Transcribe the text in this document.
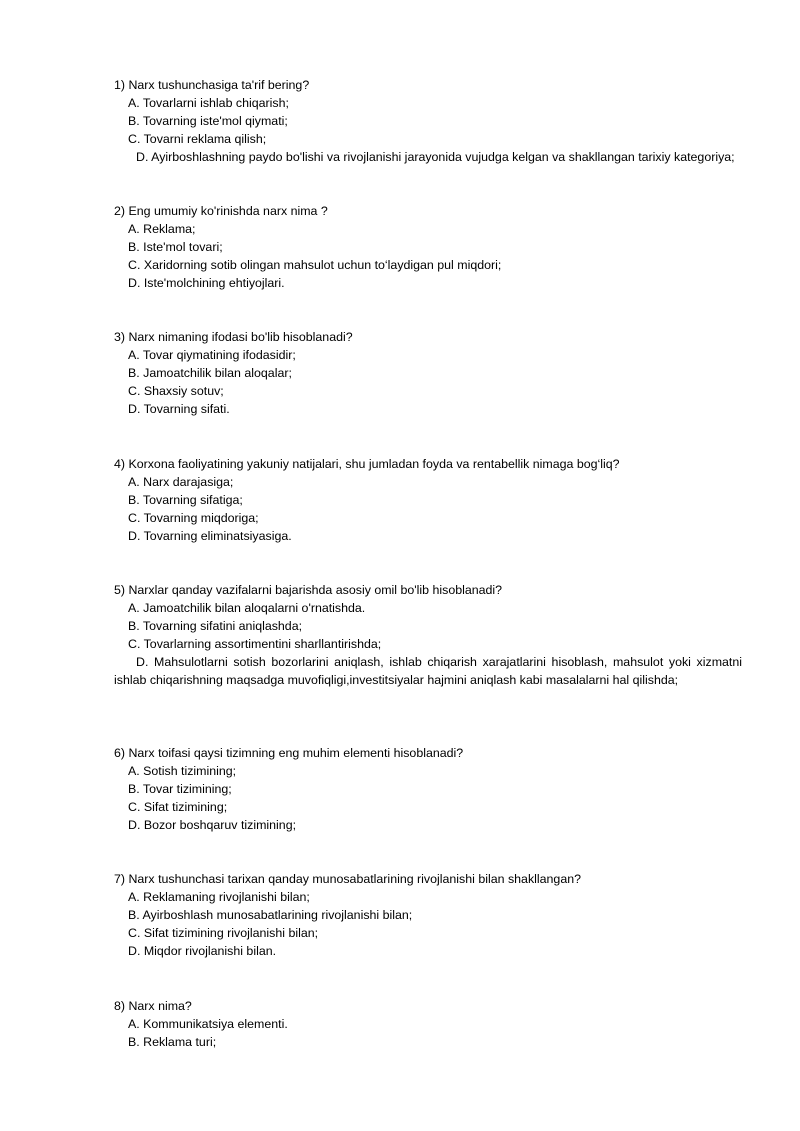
1) Narx tushunchasiga ta'rif bering?
A. Tovarlarni ishlab chiqarish;
B. Tovarning iste'mol qiymati;
C. Tovarni reklama qilish;
D. Ayirboshlashning paydo bo'lishi va rivojlanishi jarayonida vujudga kelgan va shakllangan tarixiy kategoriya;
2) Eng umumiy ko'rinishda narx nima ?
A. Reklama;
B. Iste'mol tovari;
C. Xaridorning sotib olingan mahsulot uchun to‘laydigan pul miqdori;
D. Iste'molchining ehtiyojlari.
3) Narx nimaning ifodasi bo'lib hisoblanadi?
A. Tovar qiymatining ifodasidir;
B. Jamoatchilik bilan aloqalar;
C. Shaxsiy sotuv;
D. Tovarning sifati.
4) Korxona faoliyatining yakuniy natijalari, shu jumladan foyda va rentabellik nimaga bog‘liq?
A. Narx darajasiga;
B. Tovarning sifatiga;
C. Tovarning miqdoriga;
D. Tovarning eliminatsiyasiga.
5) Narxlar qanday vazifalarni bajarishda asosiy omil bo'lib hisoblanadi?
A. Jamoatchilik bilan aloqalarni o'rnatishda.
B. Tovarning sifatini aniqlashda;
C. Tovarlarning assortimentini sharllantirishda;
D. Mahsulotlarni sotish bozorlarini aniqlash, ishlab chiqarish xarajatlarini hisoblash, mahsulot yoki xizmatni ishlab chiqarishning maqsadga muvofiqligi,investitsiyalar hajmini aniqlash kabi masalalarni hal qilishda;
6) Narx toifasi qaysi tizimning eng muhim elementi hisoblanadi?
A. Sotish tizimining;
B. Tovar tizimining;
C. Sifat tizimining;
D. Bozor boshqaruv tizimining;
7) Narx tushunchasi tarixan qanday munosabatlarining rivojlanishi bilan shakllangan?
A. Reklamaning rivojlanishi bilan;
B. Ayirboshlash munosabatlarining rivojlanishi bilan;
C. Sifat tizimining rivojlanishi bilan;
D. Miqdor rivojlanishi bilan.
8) Narx nima?
A. Kommunikatsiya elementi.
B. Reklama turi;
